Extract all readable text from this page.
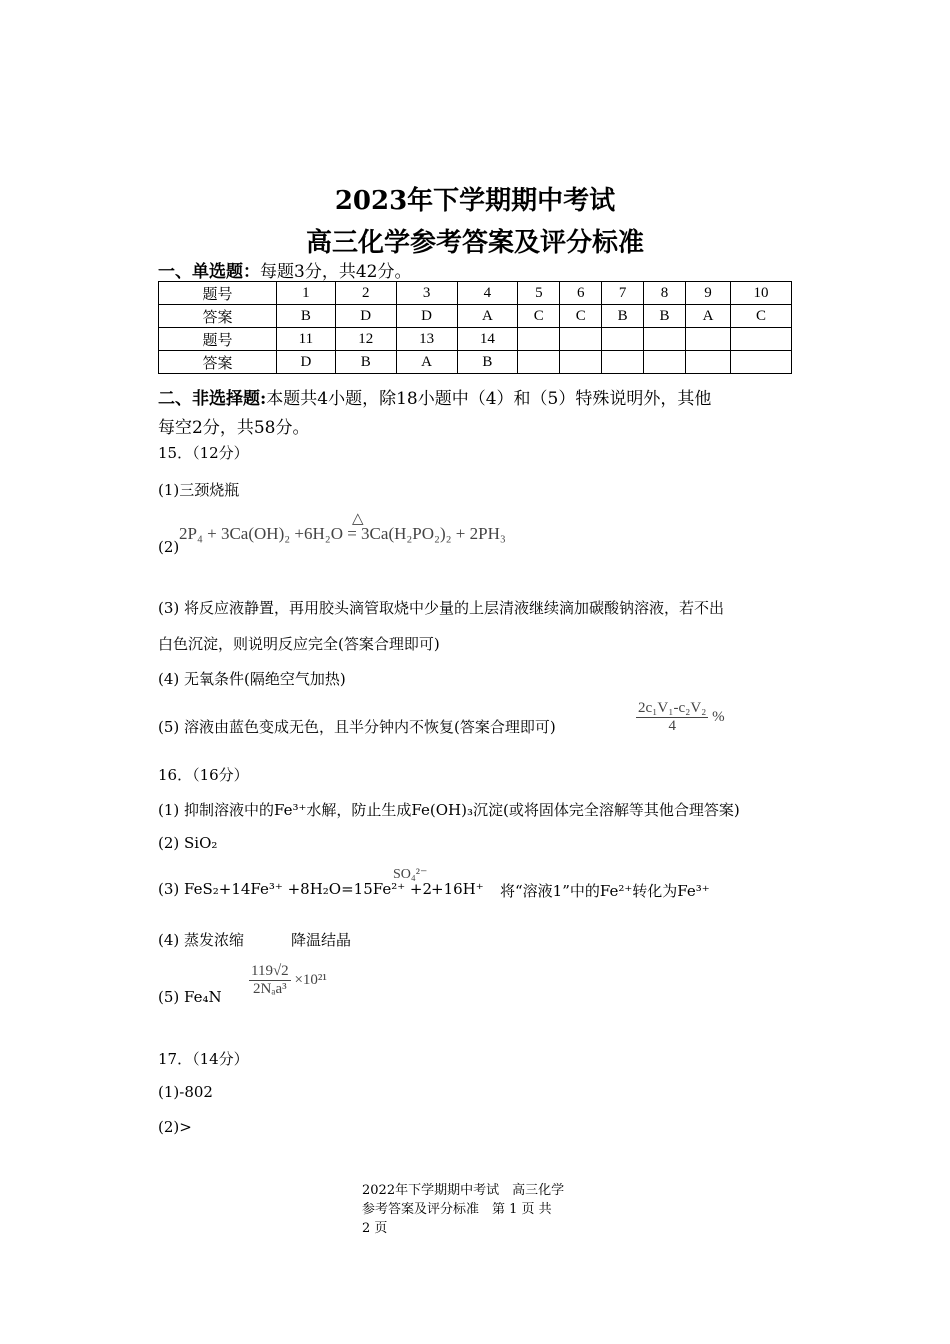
2023年下学期期中考试
高三化学参考答案及评分标准
一、单选题：每题3分，共42分。
题号	1	2	3	4	5	6	7	8	9	10
答案	B	D	D	A	C	C	B	B	A	C
题号	11	12	13	14						
答案	D	B	A	B						
二、非选择题:本题共4小题，除18小题中（4）和（5）特殊说明外，其他
每空2分，共58分。
15．（12分）
(1)三颈烧瓶
(2)
△
2P₄ + 3Ca(OH)₂ +6H₂O = 3Ca(H₂PO₂)₂ + 2PH₃
(3) 将反应液静置，再用胶头滴管取烧中少量的上层清液继续滴加碳酸钠溶液，若不出
白色沉淀，则说明反应完全(答案合理即可)
(4) 无氧条件(隔绝空气加热)
(5) 溶液由蓝色变成无色，且半分钟内不恢复(答案合理即可)	$\frac{\text{2c₁V₁-c₂V₂}}{4}$ %
16．（16分）
(1) 抑制溶液中的Fe³⁺水解，防止生成Fe(OH)₃沉淀(或将固体完全溶解等其他合理答案)
(2) SiO₂
(3) FeS₂+14Fe³⁺ +8H₂O=15Fe²⁺ +2
SO₄²⁻
+16H⁺ 将“溶液1”中的Fe²⁺转化为Fe³⁺
(4) 蒸发浓缩	降温结晶
(5) $Fe_4N \frac{119√2}{\text{2Nₐa³}} \times 10^{21}$
17．（14分）
(1)-802
(2)>
2022年下学期期中考试　高三化学
参考答案及评分标准　第 1 页 共
2 页
